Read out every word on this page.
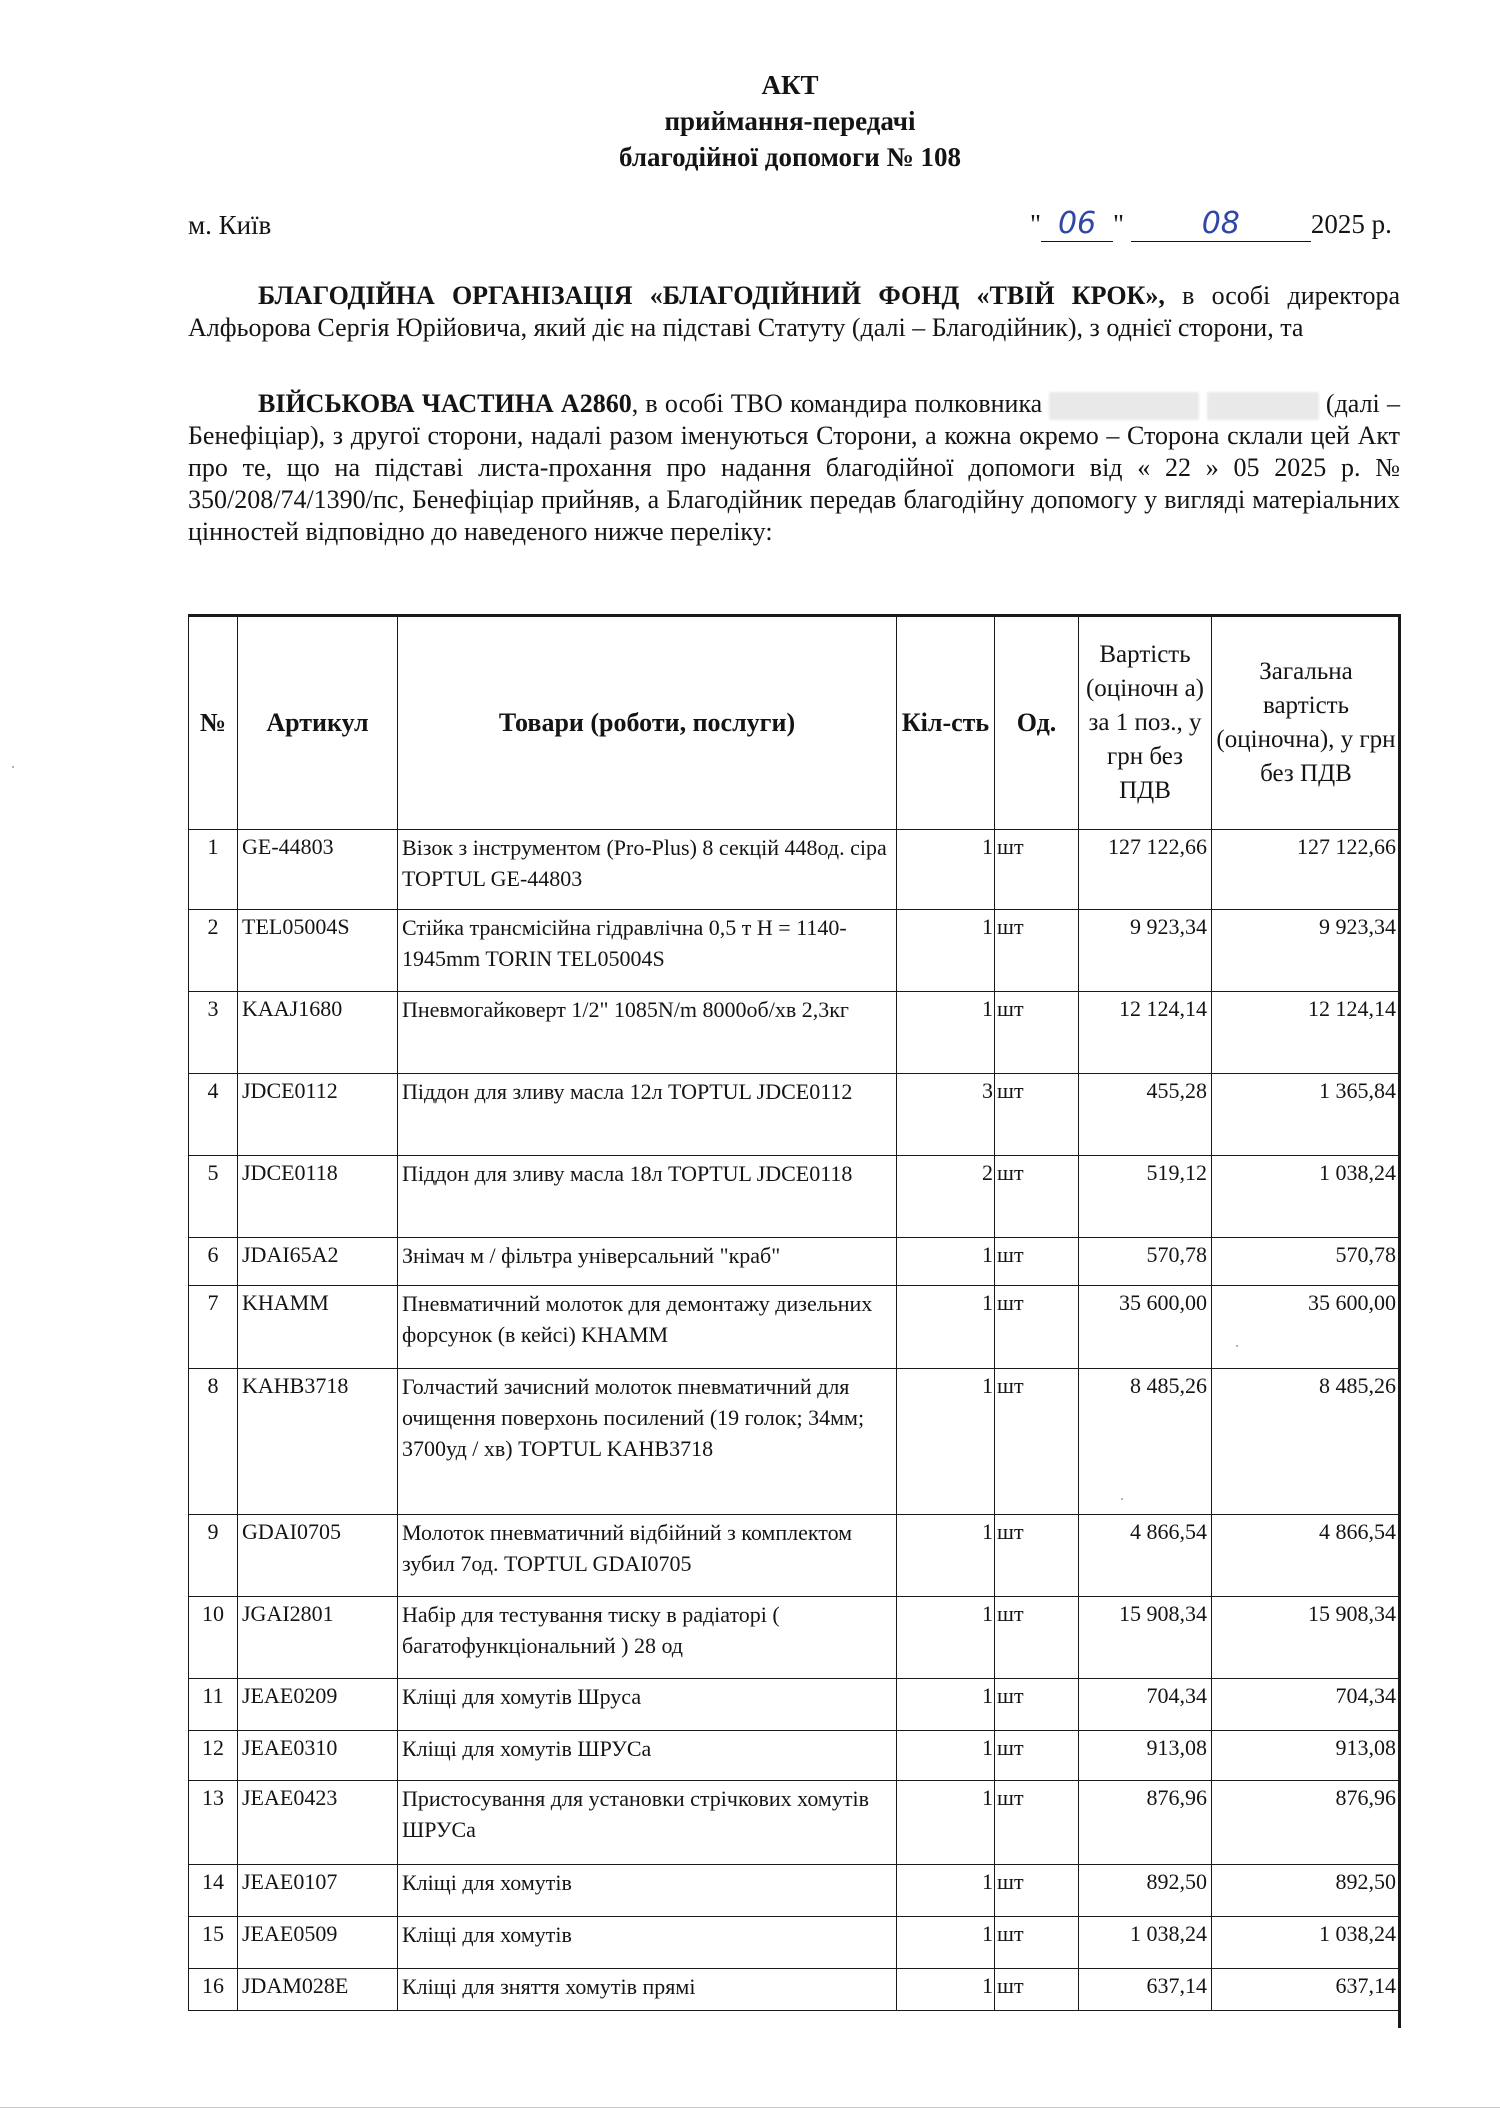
АКТ
приймання-передачі
благодійної допомоги № 108
м. Київ	" 06 "	08	2025 р.
БЛАГОДІЙНА ОРГАНІЗАЦІЯ «БЛАГОДІЙНИЙ ФОНД «ТВІЙ КРОК», в особі директора Алфьорова Сергія Юрійовича, який діє на підставі Статуту (далі – Благодійник), з однієї сторони, та
ВІЙСЬКОВА ЧАСТИНА А2860, в особі ТВО командира полковника	(далі – Бенефіціар), з другої сторони, надалі разом іменуються Сторони, а кожна окремо – Сторона склали цей Акт про те, що на підставі листа-прохання про надання благодійної допомоги від « 22 » 05 2025 р. № 350/208/74/1390/пс, Бенефіціар прийняв, а Благодійник передав благодійну допомогу у вигляді матеріальних цінностей відповідно до наведеного нижче переліку:
№	Артикул	Товари (роботи, послуги)	Кіл-сть	Од.	Вартість (оціночн а) за 1 поз., у грн без ПДВ	Загальна вартість (оціночна), у грн без ПДВ
1	GE-44803	Візок з інструментом (Pro-Plus) 8 секцій 448од. сіра TOPTUL GE-44803	1	шт	127 122,66	127 122,66
2	TEL05004S	Стійка трансмісійна гідравлічна 0,5 т H = 1140-1945mm TORIN TEL05004S	1	шт	9 923,34	9 923,34
3	KAAJ1680	Пневмогайковерт 1/2" 1085N/m 8000об/хв 2,3кг	1	шт	12 124,14	12 124,14
4	JDCE0112	Піддон для зливу масла 12л TOPTUL JDCE0112	3	шт	455,28	1 365,84
5	JDCE0118	Піддон для зливу масла 18л TOPTUL JDCE0118	2	шт	519,12	1 038,24
6	JDAI65A2	Знімач м / фільтра універсальний "краб"	1	шт	570,78	570,78
7	KHAMM	Пневматичний молоток для демонтажу дизельних форсунок (в кейсі) KHAMM	1	шт	35 600,00	35 600,00
8	KAHB3718	Голчастий зачисний молоток пневматичний для очищення поверхонь посилений (19 голок; 34мм; 3700уд / хв) TOPTUL KAHB3718	1	шт	8 485,26	8 485,26
9	GDAI0705	Молоток пневматичний відбійний з комплектом зубил 7од. TOPTUL GDAI0705	1	шт	4 866,54	4 866,54
10	JGAI2801	Набір для тестування тиску в радіаторі ( багатофункціональний ) 28 од	1	шт	15 908,34	15 908,34
11	JEAE0209	Кліщі для хомутів Шруса	1	шт	704,34	704,34
12	JEAE0310	Кліщі для хомутів ШРУСа	1	шт	913,08	913,08
13	JEAE0423	Пристосування для установки стрічкових хомутів ШРУСа	1	шт	876,96	876,96
14	JEAE0107	Кліщі для хомутів	1	шт	892,50	892,50
15	JEAE0509	Кліщі для хомутів	1	шт	1 038,24	1 038,24
16	JDAM028E	Кліщі для зняття хомутів прямі	1	шт	637,14	637,14
